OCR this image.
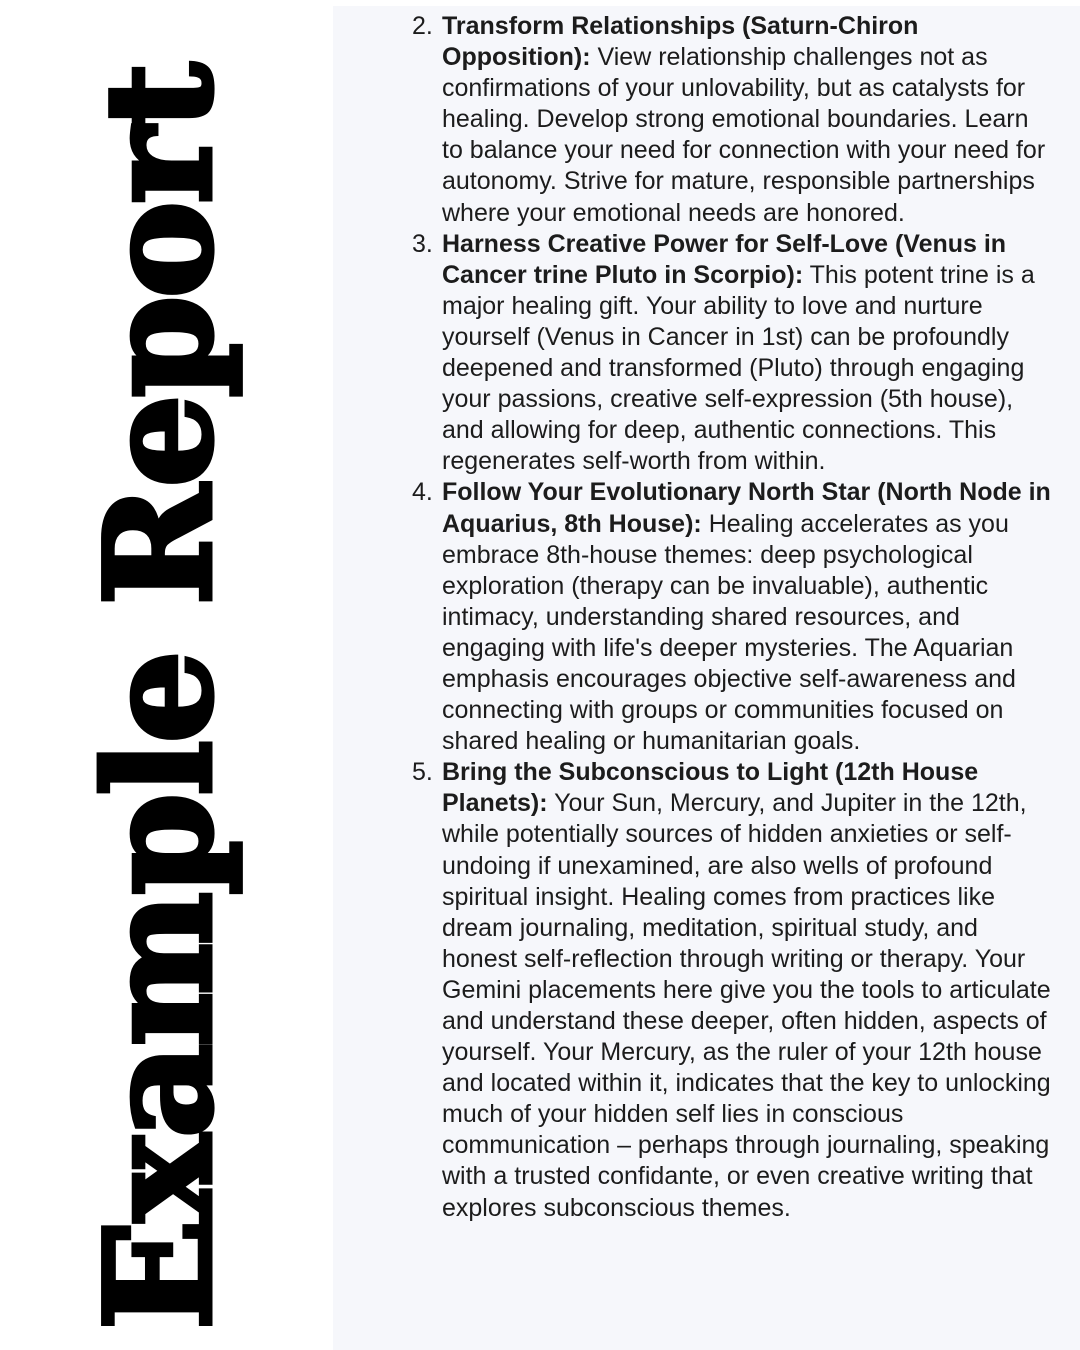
Example Report
2. Transform Relationships (Saturn-Chiron Opposition): View relationship challenges not as confirmations of your unlovability, but as catalysts for healing. Develop strong emotional boundaries. Learn to balance your need for connection with your need for autonomy. Strive for mature, responsible partnerships where your emotional needs are honored.
3. Harness Creative Power for Self-Love (Venus in Cancer trine Pluto in Scorpio): This potent trine is a major healing gift. Your ability to love and nurture yourself (Venus in Cancer in 1st) can be profoundly deepened and transformed (Pluto) through engaging your passions, creative self-expression (5th house), and allowing for deep, authentic connections. This regenerates self-worth from within.
4. Follow Your Evolutionary North Star (North Node in Aquarius, 8th House): Healing accelerates as you embrace 8th-house themes: deep psychological exploration (therapy can be invaluable), authentic intimacy, understanding shared resources, and engaging with life's deeper mysteries. The Aquarian emphasis encourages objective self-awareness and connecting with groups or communities focused on shared healing or humanitarian goals.
5. Bring the Subconscious to Light (12th House Planets): Your Sun, Mercury, and Jupiter in the 12th, while potentially sources of hidden anxieties or self-undoing if unexamined, are also wells of profound spiritual insight. Healing comes from practices like dream journaling, meditation, spiritual study, and honest self-reflection through writing or therapy. Your Gemini placements here give you the tools to articulate and understand these deeper, often hidden, aspects of yourself. Your Mercury, as the ruler of your 12th house and located within it, indicates that the key to unlocking much of your hidden self lies in conscious communication – perhaps through journaling, speaking with a trusted confidante, or even creative writing that explores subconscious themes.
